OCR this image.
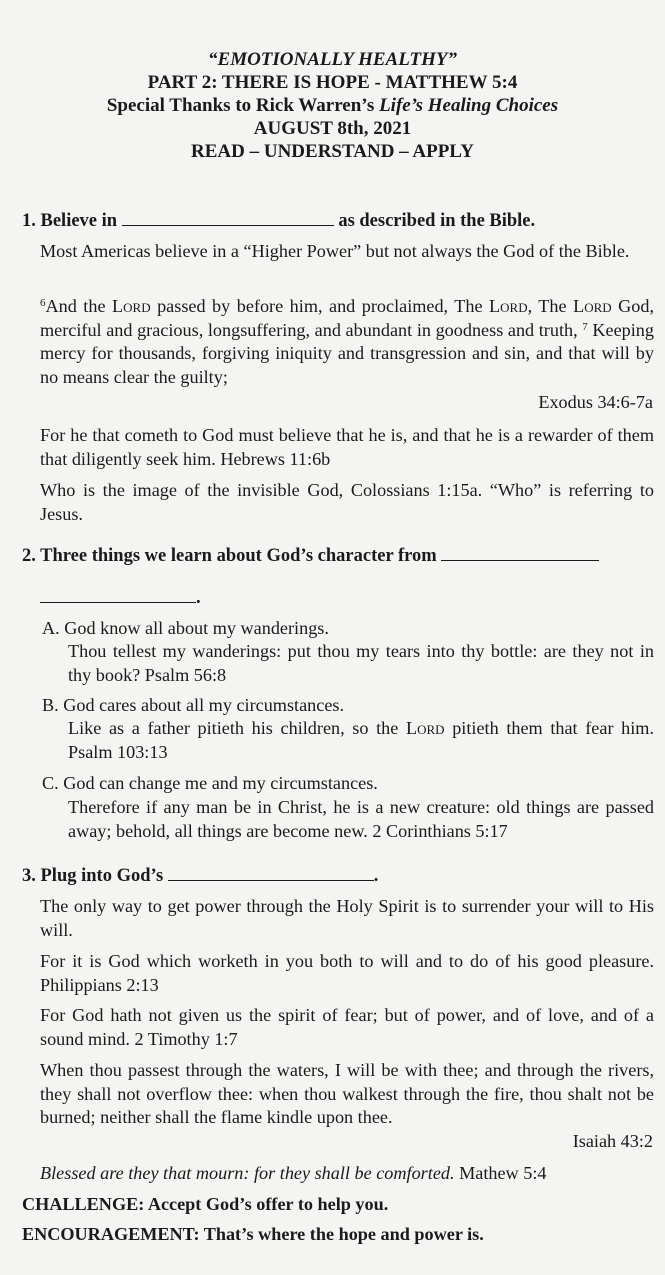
“EMOTIONALLY HEALTHY”

PART 2: THERE IS HOPE - MATTHEW 5:4

Special Thanks to Rick Warren’s Life’s Healing Choices

AUGUST 8th, 2021

READ – UNDERSTAND – APPLY

1. Believe in	as described in the Bible.

Most Americas believe in a “Higher Power” but not always the God of the Bible.

$^6$And the Lord passed by before him, and proclaimed, The Lord, The Lord God, merciful and gracious, longsuffering, and abundant in goodness and truth, $^7$ Keeping mercy for thousands, forgiving iniquity and transgression and sin, and that will by no means clear the guilty;

Exodus 34:6-7a

For he that cometh to God must believe that he is, and that he is a rewarder of them that diligently seek him. Hebrews 11:6b

Who is the image of the invisible God, Colossians 1:15a. “Who” is referring to Jesus.

2. Three things we learn about God’s character from

.

A. God know all about my wanderings.

Thou tellest my wanderings: put thou my tears into thy bottle: are they not in thy book? Psalm 56:8

B. God cares about all my circumstances.

Like as a father pitieth his children, so the Lord pitieth them that fear him. Psalm 103:13

C. God can change me and my circumstances.

Therefore if any man be in Christ, he is a new creature: old things are passed away; behold, all things are become new. 2 Corinthians 5:17

3. Plug into God’s	.

The only way to get power through the Holy Spirit is to surrender your will to His will.

For it is God which worketh in you both to will and to do of his good pleasure. Philippians 2:13

For God hath not given us the spirit of fear; but of power, and of love, and of a sound mind. 2 Timothy 1:7

When thou passest through the waters, I will be with thee; and through the rivers, they shall not overflow thee: when thou walkest through the fire, thou shalt not be burned; neither shall the flame kindle upon thee.

Isaiah 43:2

Blessed are they that mourn: for they shall be comforted. Mathew 5:4

CHALLENGE: Accept God’s offer to help you.

ENCOURAGEMENT: That’s where the hope and power is.
